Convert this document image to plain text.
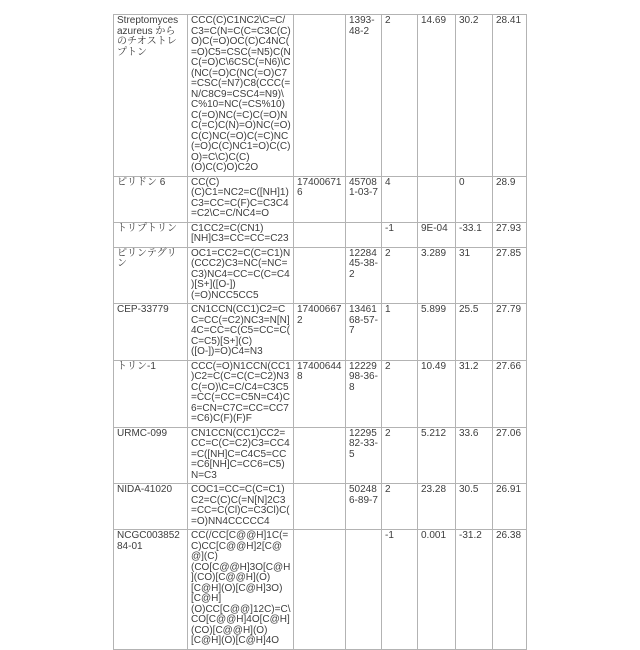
Streptomyces azureus からのチオストレプトン	CCC(C)C1NC2\C=C/C3=C(N=C(C=C3C(C)O)C(=O)OC(C)C4NC(=O)C5=CSC(=N5)C(NC(=O)C\6CSC(=N6)\C(NC(=O)C(NC(=O)C7=CSC(=N7)C8(CCC(=N/C8C9=CSC4=N9)\C%10=NC(=CS%10)C(=O)NC(=C)C(=O)NC(=C)C(N)=O)NC(=O)C(C)NC(=O)C(=C)NC(=O)C(C)NC1=O)C(C)O)=C\C)C(C)(O)C(C)O)C2O		1393-48-2	2	14.69	30.2	28.41
ピリドン 6	CC(C)(C)C1=NC2=C([NH]1)C3=CC=C(F)C=C3C4=C2\C=C/NC4=O	174006716	457081-03-7	4		0	28.9
トリプトリン	C1CC2=C(CN1)[NH]C3=CC=CC=C23			-1	9E-04	-33.1	27.93
ピリンテグリン	OC1=CC2=C(C=C1)N(CCC2)C3=NC(=NC=C3)NC4=CC=C(C=C4)[S+]([O-])(=O)NCC5CC5		1228445-38-2	2	3.289	31	27.85
CEP-33779	CN1CCN(CC1)C2=CC=CC(=C2)NC3=N[N]4C=CC=C(C5=CC=C(C=C5)[S+](C)([O-])=O)C4=N3	174006672	1346168-57-7	1	5.899	25.5	27.79
トリン-1	CCC(=O)N1CCN(CC1)C2=C(C=C(C=C2)N3C(=O)\C=C/C4=C3C5=CC(=CC=C5N=C4)C6=CN=C7C=CC=CC7=C6)C(F)(F)F	174006448	1222998-36-8	2	10.49	31.2	27.66
URMC-099	CN1CCN(CC1)CC2=CC=C(C=C2)C3=CC4=C([NH]C=C4C5=CC=C6[NH]C=CC6=C5)N=C3		1229582-33-5	2	5.212	33.6	27.06
NIDA-41020	COC1=CC=C(C=C1)C2=C(C)C(=N[N]2C3=CC=C(Cl)C=C3Cl)C(=O)NN4CCCCC4		502486-89-7	2	23.28	30.5	26.91
NCGC00385284-01	CC(/CC[C@@H]1C(=C)CC[C@@H]2[C@@](C)(CO[C@@H]3O[C@H](CO)[C@@H](O)[C@H](O)[C@H]3O)[C@H](O)CC[C@@]12C)=C\CO[C@@H]4O[C@H](CO)[C@@H](O)[C@H](O)[C@H]4O			-1	0.001	-31.2	26.38
